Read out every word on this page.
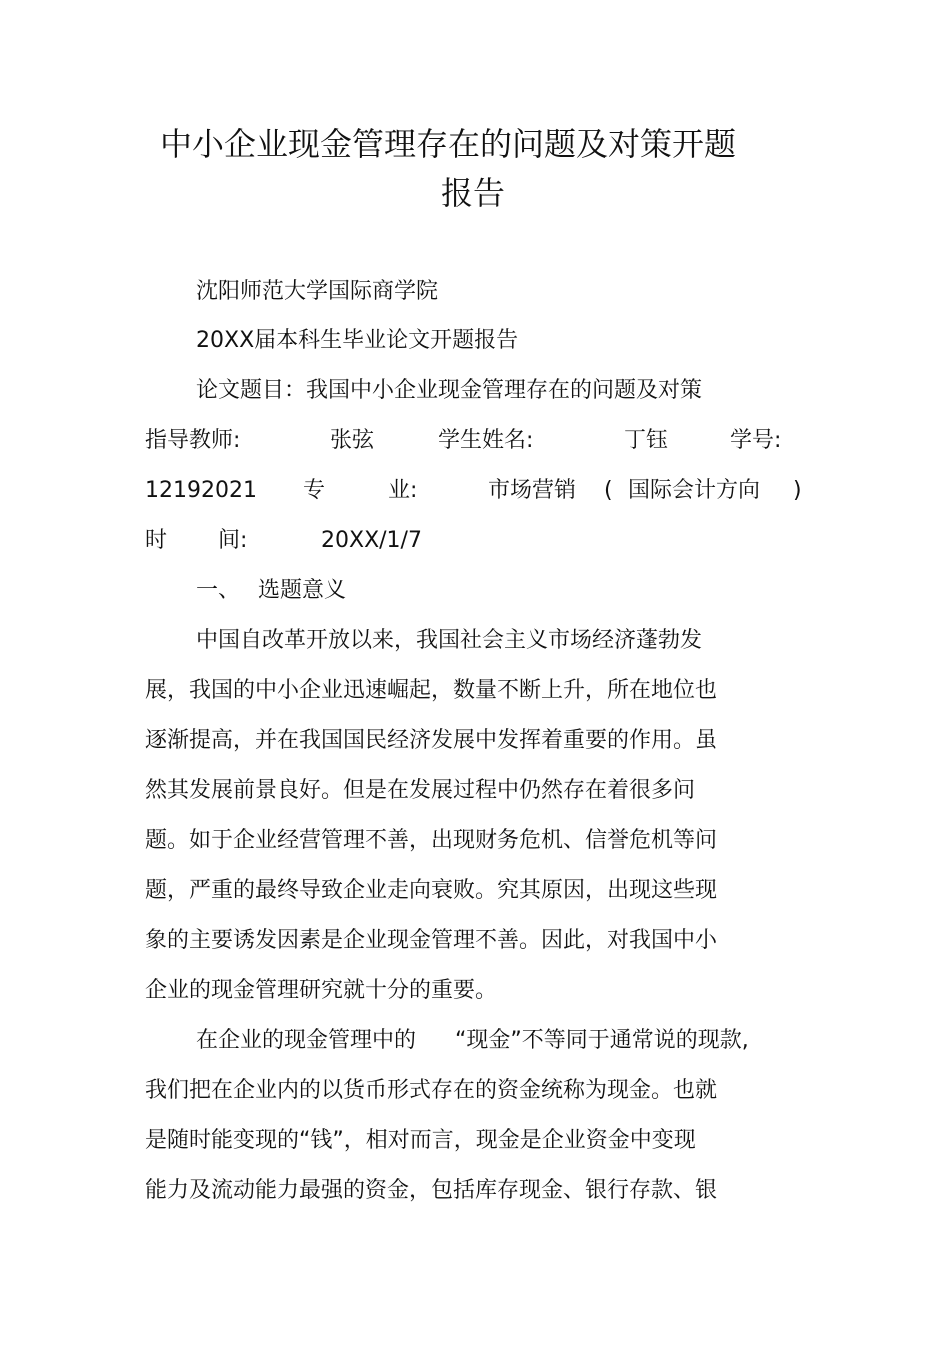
中小企业现金管理存在的问题及对策开题
报告
沈阳师范大学国际商学院
20XX届本科生毕业论文开题报告
论文题目：我国中小企业现金管理存在的问题及对策
指导教师:	张弦	学生姓名:	丁钰	学号:
12192021 专	业:	市场营销 ( 国际会计方向 )
时 间:	20XX/1/7
一、 选题意义
中国自改革开放以来，我国社会主义市场经济蓬勃发
展，我国的中小企业迅速崛起，数量不断上升，所在地位也
逐渐提高，并在我国国民经济发展中发挥着重要的作用。虽
然其发展前景良好。但是在发展过程中仍然存在着很多问
题。如于企业经营管理不善，出现财务危机、信誉危机等问
题，严重的最终导致企业走向衰败。究其原因，出现这些现
象的主要诱发因素是企业现金管理不善。因此，对我国中小
企业的现金管理研究就十分的重要。
在企业的现金管理中的 “现金”不等同于通常说的现款,
我们把在企业内的以货币形式存在的资金统称为现金。也就
是随时能变现的“钱”，相对而言，现金是企业资金中变现
能力及流动能力最强的资金，包括库存现金、银行存款、银
